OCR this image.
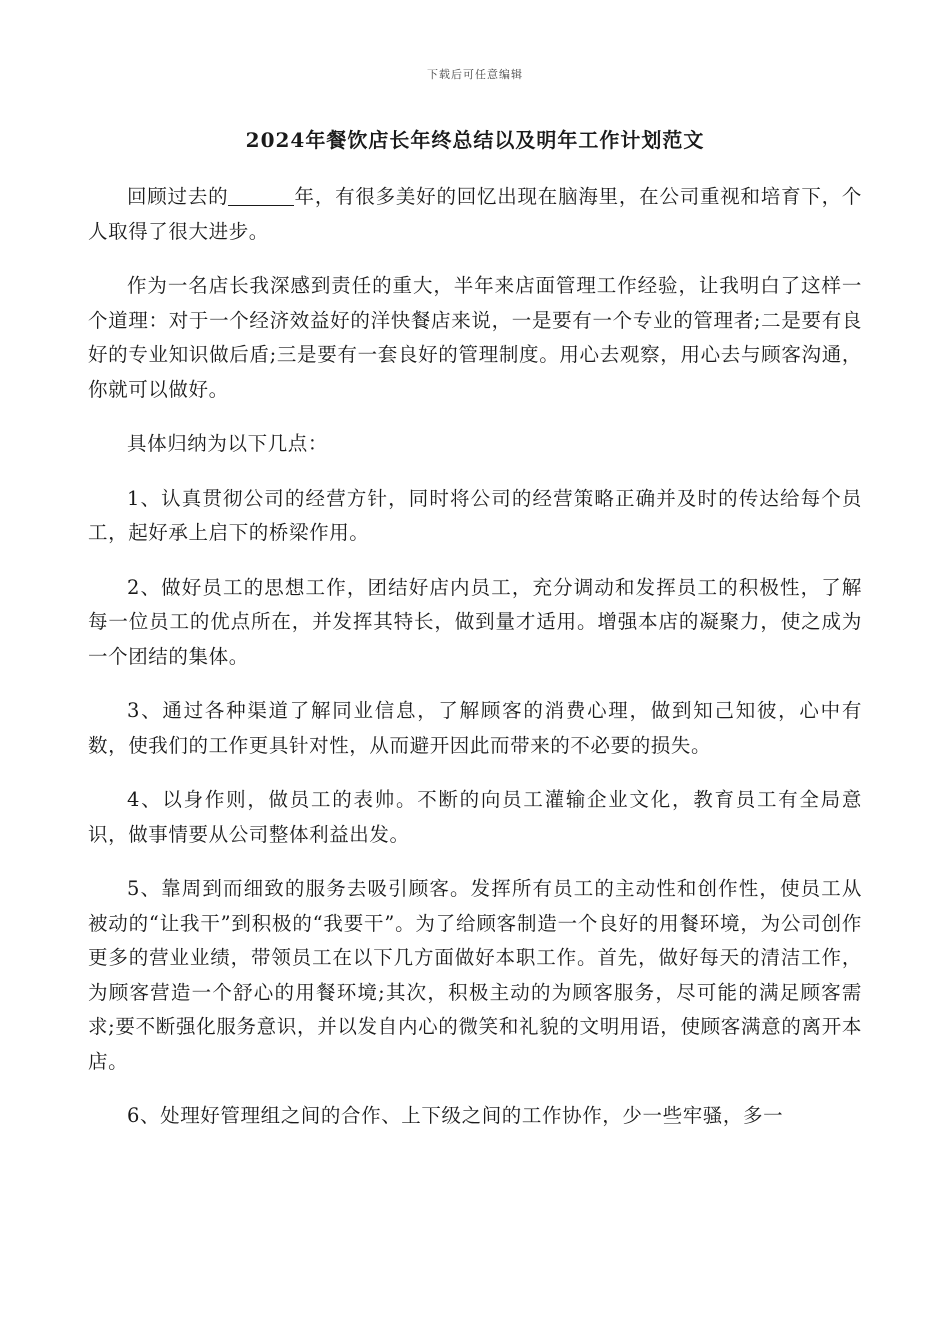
下载后可任意编辑
2024年餐饮店长年终总结以及明年工作计划范文

回顾过去的	年，有很多美好的回忆出现在脑海里，在公司重视和培育下，个人取得了很大进步。

作为一名店长我深感到责任的重大，半年来店面管理工作经验，让我明白了这样一个道理：对于一个经济效益好的洋快餐店来说，一是要有一个专业的管理者;二是要有良好的专业知识做后盾;三是要有一套良好的管理制度。用心去观察，用心去与顾客沟通，你就可以做好。

具体归纳为以下几点：

1、认真贯彻公司的经营方针，同时将公司的经营策略正确并及时的传达给每个员工，起好承上启下的桥梁作用。

2、做好员工的思想工作，团结好店内员工，充分调动和发挥员工的积极性，了解每一位员工的优点所在，并发挥其特长，做到量才适用。增强本店的凝聚力，使之成为一个团结的集体。

3、通过各种渠道了解同业信息，了解顾客的消费心理，做到知己知彼，心中有数，使我们的工作更具针对性，从而避开因此而带来的不必要的损失。

4、以身作则，做员工的表帅。不断的向员工灌输企业文化，教育员工有全局意识，做事情要从公司整体利益出发。

5、靠周到而细致的服务去吸引顾客。发挥所有员工的主动性和创作性，使员工从被动的“让我干”到积极的“我要干”。为了给顾客制造一个良好的用餐环境，为公司创作更多的营业业绩，带领员工在以下几方面做好本职工作。首先，做好每天的清洁工作，为顾客营造一个舒心的用餐环境;其次，积极主动的为顾客服务，尽可能的满足顾客需求;要不断强化服务意识，并以发自内心的微笑和礼貌的文明用语，使顾客满意的离开本店。

6、处理好管理组之间的合作、上下级之间的工作协作，少一些牢骚，多一
